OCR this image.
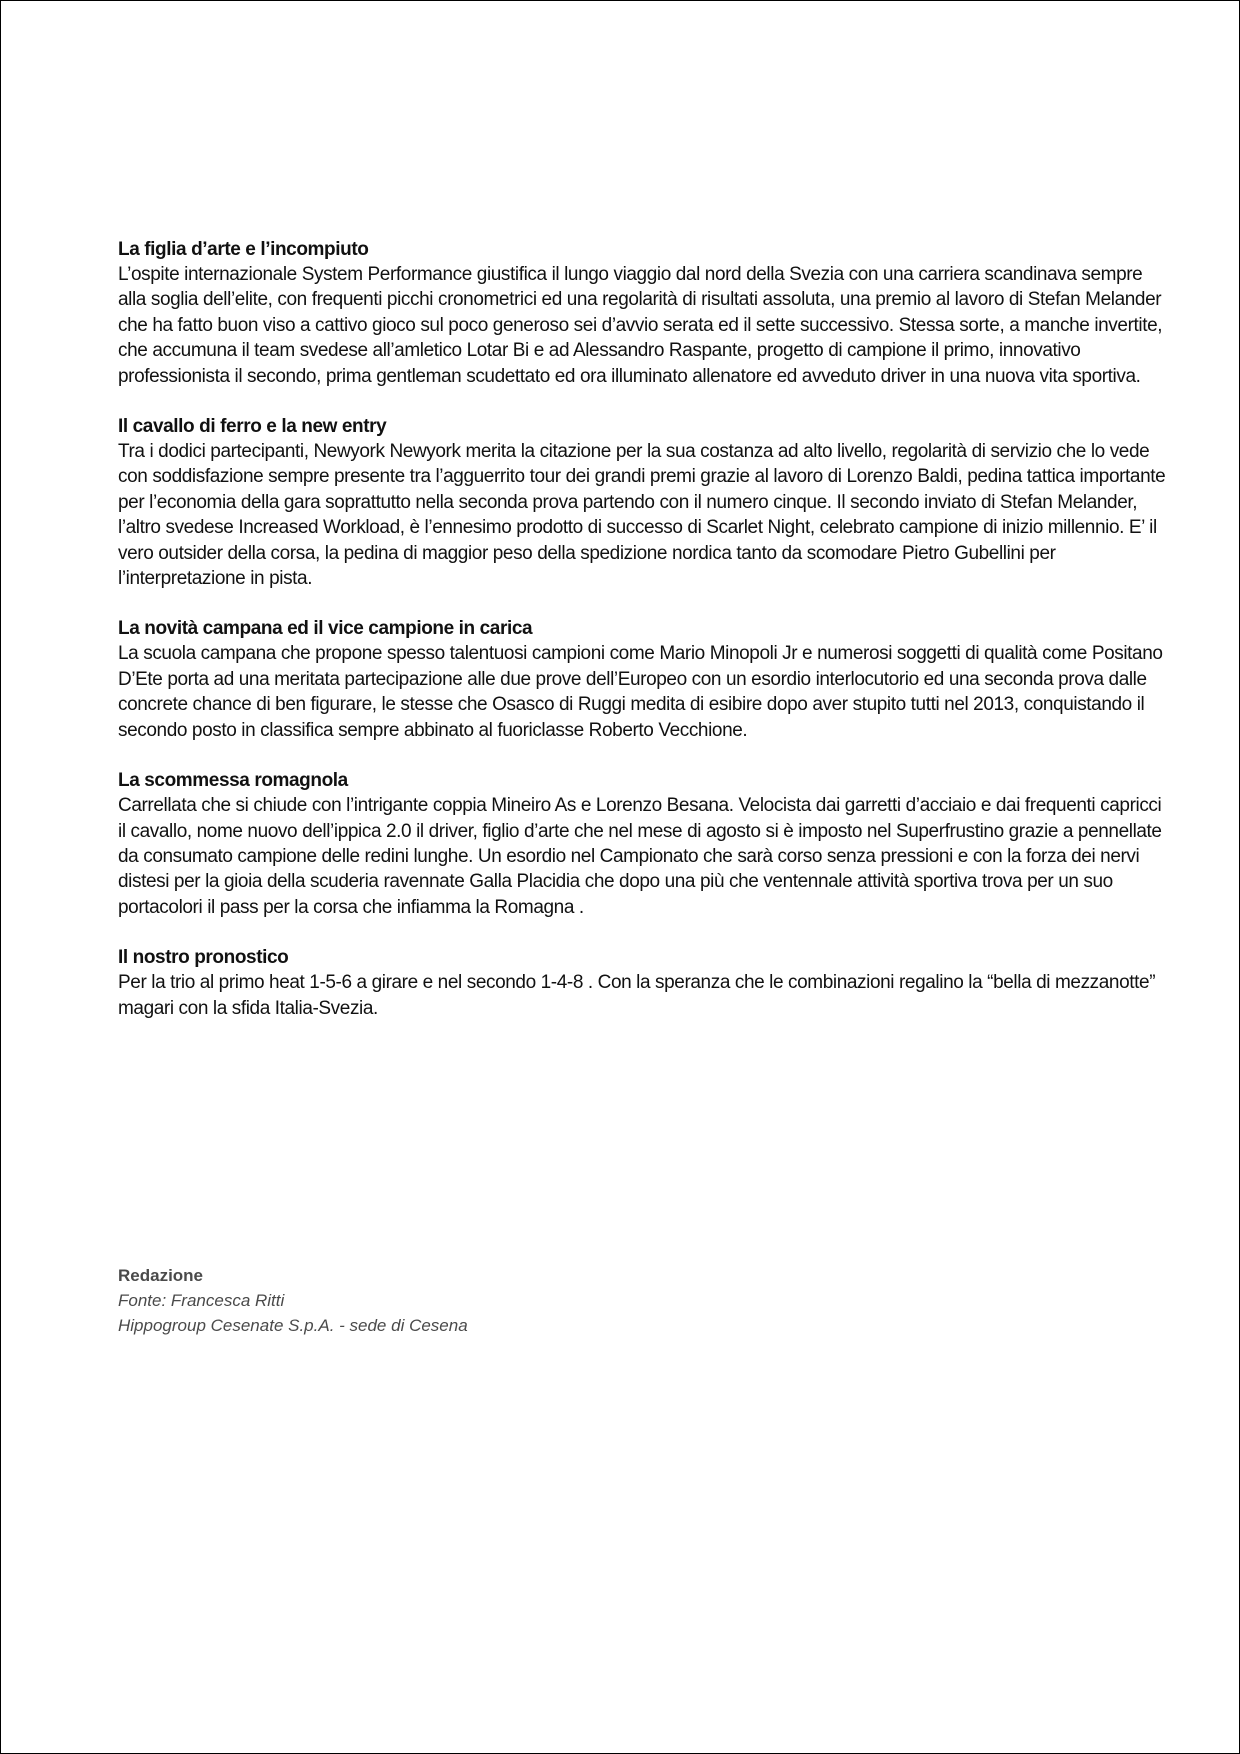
La figlia d’arte e l’incompiuto

L’ospite internazionale System Performance giustifica il lungo viaggio dal nord della Svezia con una carriera scandinava sempre alla soglia dell’elite, con frequenti picchi cronometrici ed una regolarità di risultati assoluta, una premio al lavoro di Stefan Melander che ha fatto buon viso a cattivo gioco sul poco generoso sei d’avvio serata ed il sette successivo. Stessa sorte, a manche invertite, che accumuna il team svedese all’amletico Lotar Bi e ad Alessandro Raspante, progetto di campione il primo, innovativo professionista il secondo, prima gentleman scudettato ed ora illuminato allenatore ed avveduto driver in una nuova vita sportiva.

Il cavallo di ferro e la new entry

Tra i dodici partecipanti, Newyork Newyork merita la citazione per la sua costanza ad alto livello, regolarità di servizio che lo vede con soddisfazione sempre presente tra l’agguerrito tour dei grandi premi grazie al lavoro di Lorenzo Baldi, pedina tattica importante per l’economia della gara soprattutto nella seconda prova partendo con il numero cinque. Il secondo inviato di Stefan Melander, l’altro svedese Increased Workload, è l’ennesimo prodotto di successo di Scarlet Night, celebrato campione di inizio millennio. E’ il vero outsider della corsa, la pedina di maggior peso della spedizione nordica tanto da scomodare Pietro Gubellini per l’interpretazione in pista.

La novità campana ed il vice campione in carica

La scuola campana che propone spesso talentuosi campioni come Mario Minopoli Jr e numerosi soggetti di qualità come Positano D’Ete porta ad una meritata partecipazione alle due prove dell’Europeo con un esordio interlocutorio ed una seconda prova dalle concrete chance di ben figurare, le stesse che Osasco di Ruggi medita di esibire dopo aver stupito tutti nel 2013, conquistando il secondo posto in classifica sempre abbinato al fuoriclasse Roberto Vecchione.

La scommessa romagnola

Carrellata che si chiude con l’intrigante coppia Mineiro As e Lorenzo Besana. Velocista dai garretti d’acciaio e dai frequenti capricci il cavallo, nome nuovo dell’ippica 2.0 il driver, figlio d’arte che nel mese di agosto si è imposto nel Superfrustino grazie a pennellate da consumato campione delle redini lunghe. Un esordio nel Campionato che sarà corso senza pressioni e con la forza dei nervi distesi per la gioia della scuderia ravennate Galla Placidia che dopo una più che ventennale attività sportiva trova per un suo portacolori il pass per la corsa che infiamma la Romagna .

Il nostro pronostico

Per la trio al primo heat 1-5-6 a girare e nel secondo 1-4-8 . Con la speranza che le combinazioni regalino la “bella di mezzanotte” magari con la sfida Italia-Svezia.

Redazione
Fonte: Francesca Ritti
Hippogroup Cesenate S.p.A. - sede di Cesena
